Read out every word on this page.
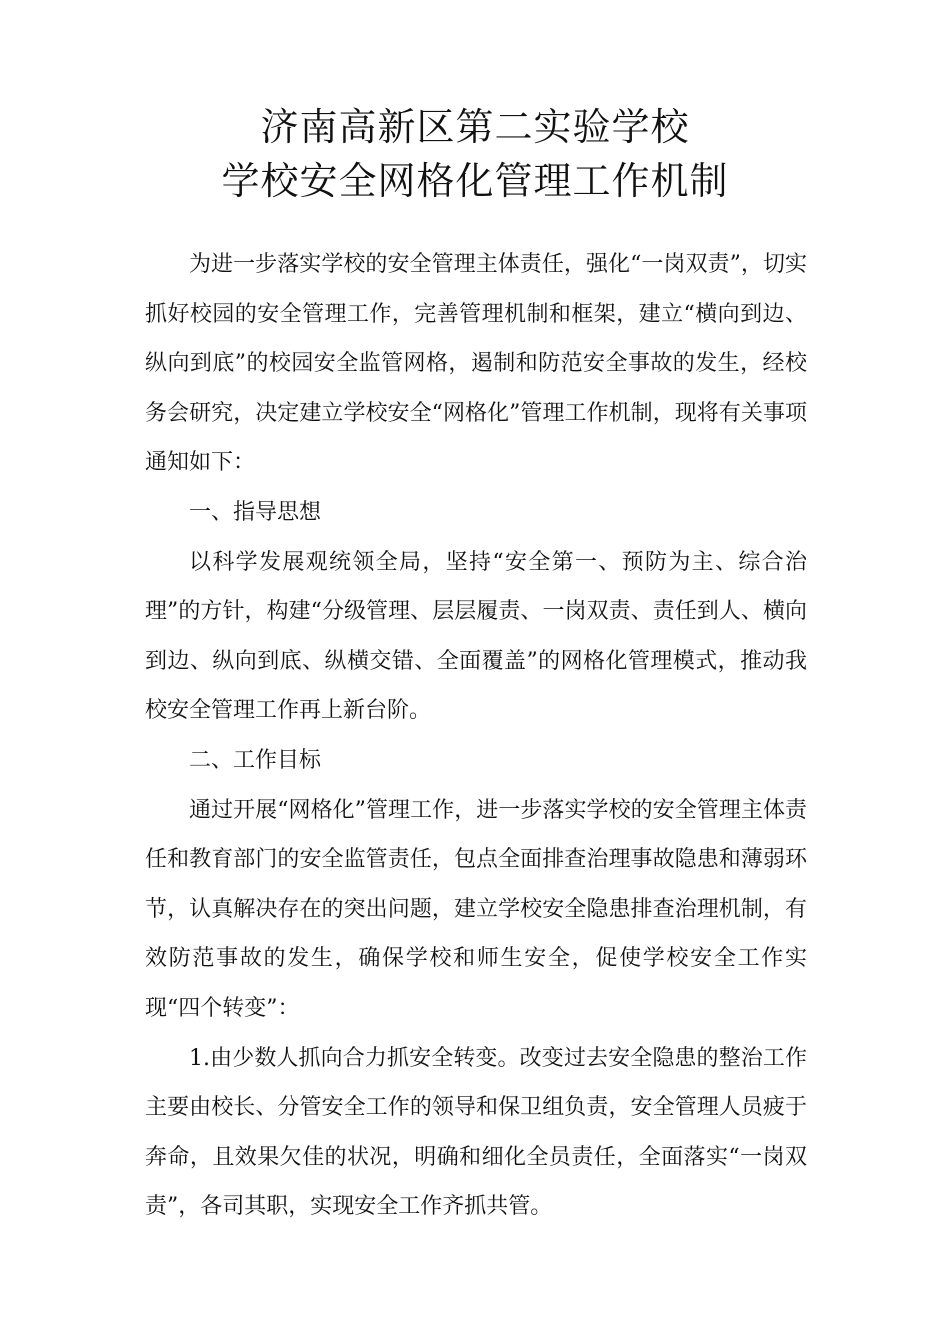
济南高新区第二实验学校
学校安全网格化管理工作机制

为进一步落实学校的安全管理主体责任，强化“一岗双责”，切实抓好校园的安全管理工作，完善管理机制和框架，建立“横向到边、纵向到底”的校园安全监管网格，遏制和防范安全事故的发生，经校务会研究，决定建立学校安全“网格化”管理工作机制，现将有关事项通知如下：

一、指导思想

以科学发展观统领全局，坚持“安全第一、预防为主、综合治理”的方针，构建“分级管理、层层履责、一岗双责、责任到人、横向到边、纵向到底、纵横交错、全面覆盖”的网格化管理模式，推动我校安全管理工作再上新台阶。

二、工作目标

通过开展“网格化”管理工作，进一步落实学校的安全管理主体责任和教育部门的安全监管责任，包点全面排查治理事故隐患和薄弱环节，认真解决存在的突出问题，建立学校安全隐患排查治理机制，有效防范事故的发生，确保学校和师生安全，促使学校安全工作实现“四个转变”：

1.由少数人抓向合力抓安全转变。改变过去安全隐患的整治工作主要由校长、分管安全工作的领导和保卫组负责，安全管理人员疲于奔命，且效果欠佳的状况，明确和细化全员责任，全面落实“一岗双责”，各司其职，实现安全工作齐抓共管。
